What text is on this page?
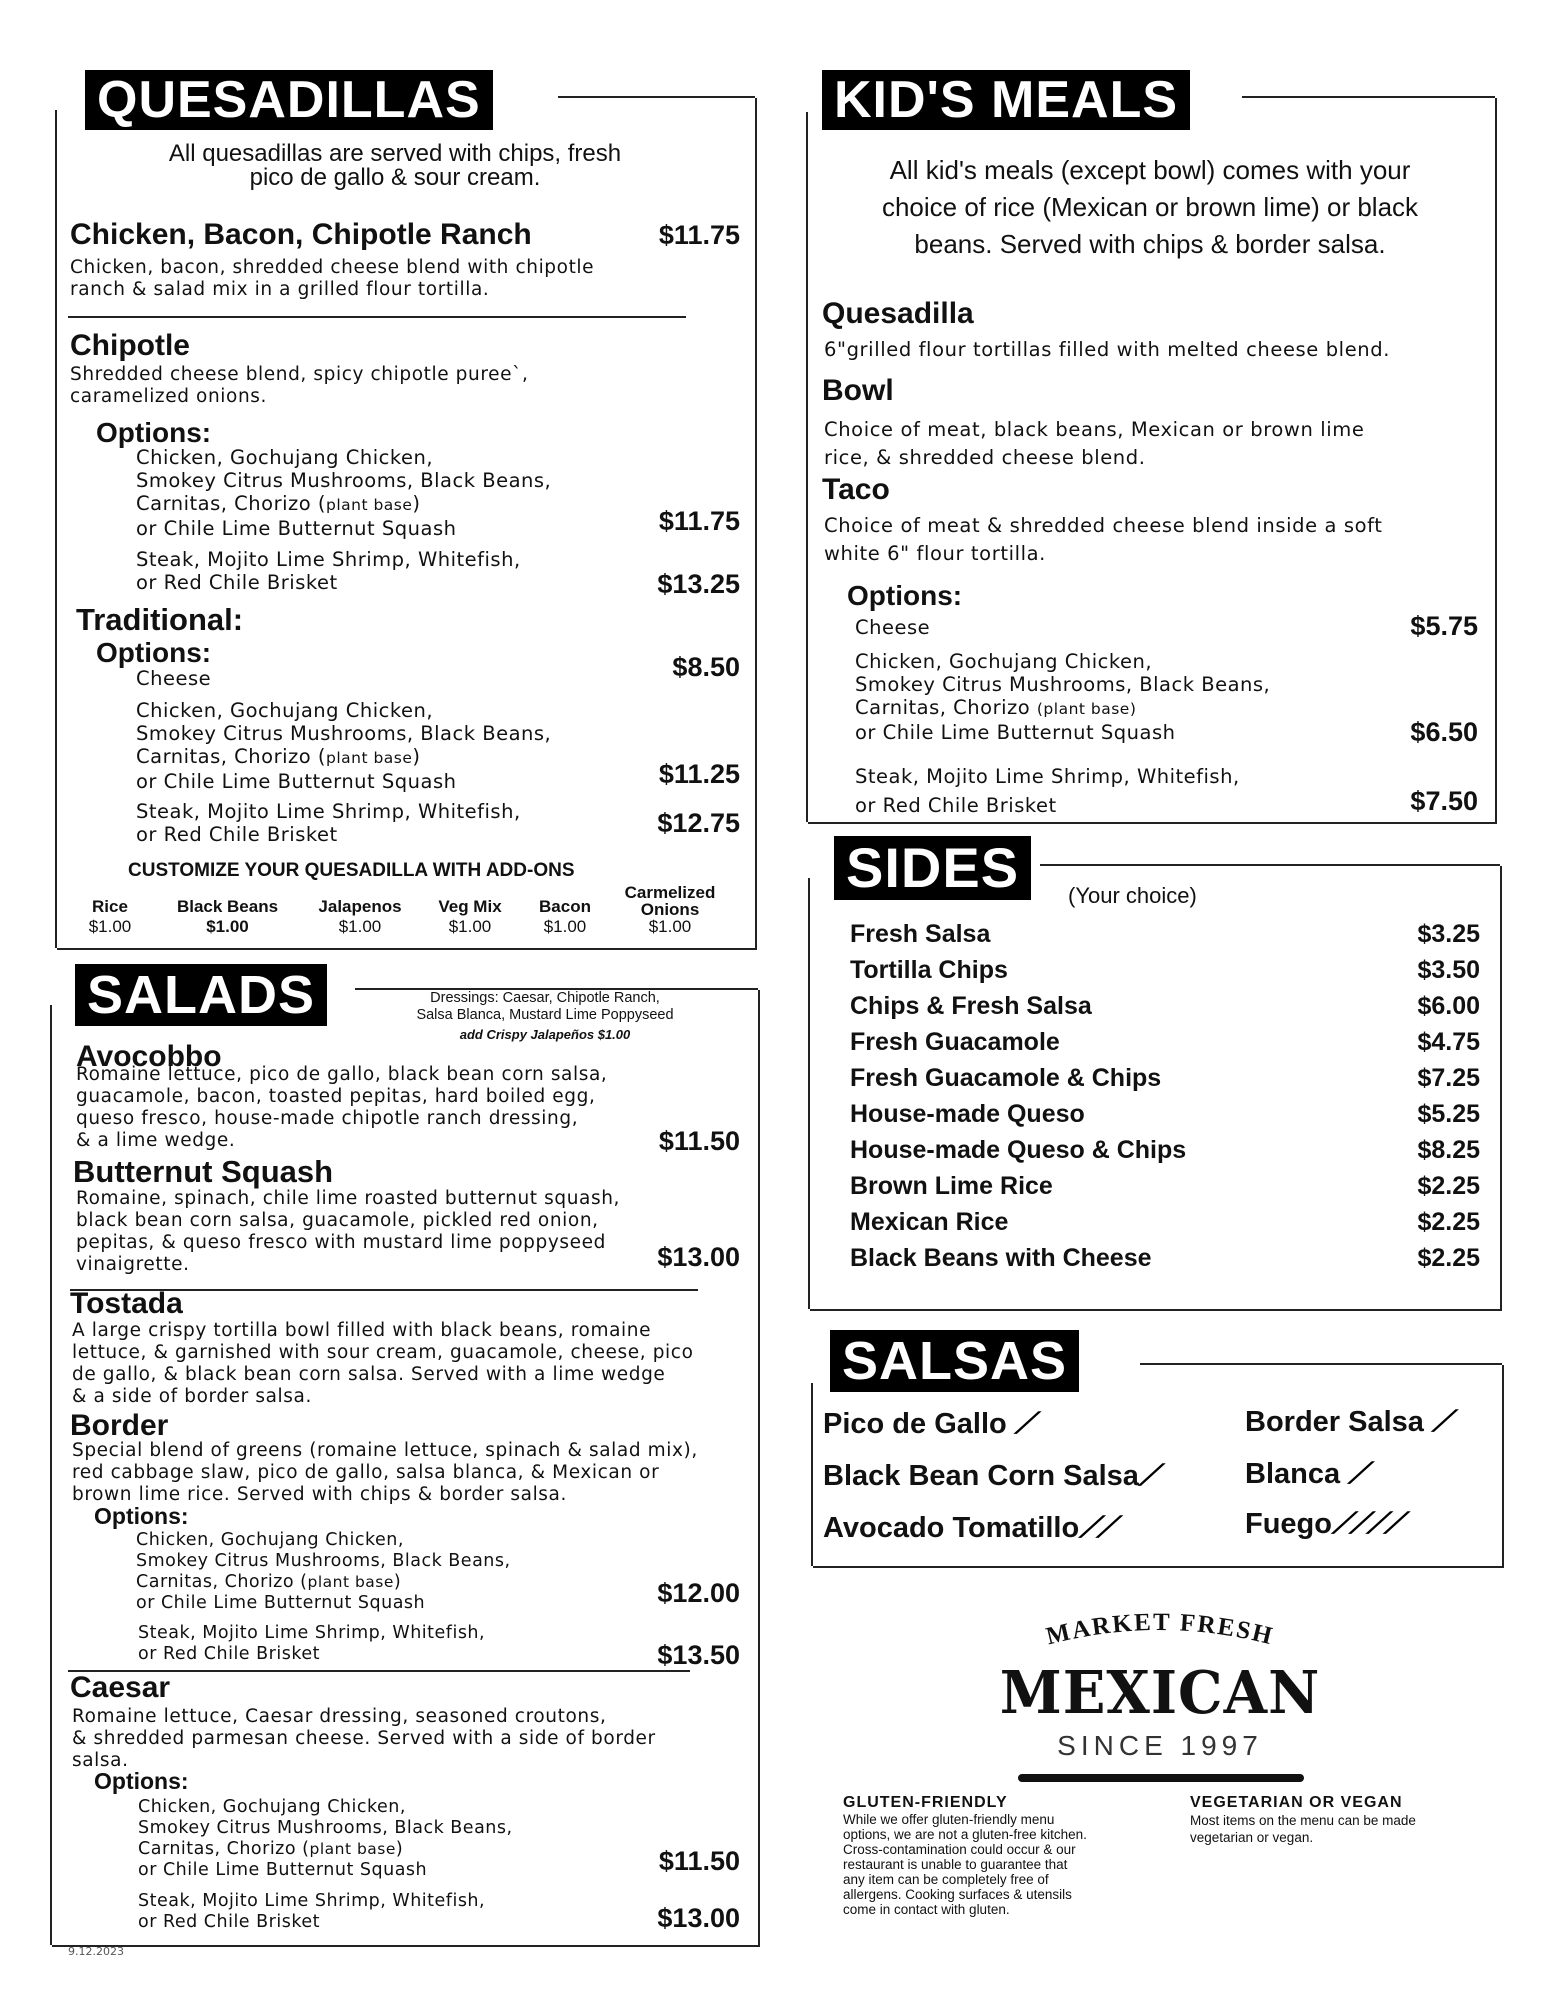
QUESADILLAS
All quesadillas are served with chips, fresh
pico de gallo & sour cream.
Chicken, Bacon, Chipotle Ranch	$11.75
Chicken, bacon, shredded cheese blend with chipotle
ranch & salad mix in a grilled flour tortilla.
Chipotle
Shredded cheese blend, spicy chipotle puree`,
caramelized onions.
Options:
Chicken, Gochujang Chicken,
Smokey Citrus Mushrooms, Black Beans,
Carnitas, Chorizo (plant base)
or Chile Lime Butternut Squash	$11.75
Steak, Mojito Lime Shrimp, Whitefish,
or Red Chile Brisket	$13.25
Traditional:
Options:
Cheese	$8.50
Chicken, Gochujang Chicken,
Smokey Citrus Mushrooms, Black Beans,
Carnitas, Chorizo (plant base)
or Chile Lime Butternut Squash	$11.25
Steak, Mojito Lime Shrimp, Whitefish,
or Red Chile Brisket	$12.75
CUSTOMIZE YOUR QUESADILLA WITH ADD-ONS
Rice
$1.00
Black Beans
$1.00
Jalapenos
$1.00
Veg Mix
$1.00
Bacon
$1.00
Carmelized
Onions
$1.00
SALADS	Dressings: Caesar, Chipotle Ranch,
Salsa Blanca, Mustard Lime Poppyseed
add Crispy Jalapeños $1.00
Avocobbo
Romaine lettuce, pico de gallo, black bean corn salsa,
guacamole, bacon, toasted pepitas, hard boiled egg,
queso fresco, house-made chipotle ranch dressing,
& a lime wedge.	$11.50
Butternut Squash
Romaine, spinach, chile lime roasted butternut squash,
black bean corn salsa, guacamole, pickled red onion,
pepitas, & queso fresco with mustard lime poppyseed
vinaigrette.	$13.00
Tostada
A large crispy tortilla bowl filled with black beans, romaine
lettuce, & garnished with sour cream, guacamole, cheese, pico
de gallo, & black bean corn salsa. Served with a lime wedge
& a side of border salsa.
Border
Special blend of greens (romaine lettuce, spinach & salad mix),
red cabbage slaw, pico de gallo, salsa blanca, & Mexican or
brown lime rice. Served with chips & border salsa.
Options:
Chicken, Gochujang Chicken,
Smokey Citrus Mushrooms, Black Beans,
Carnitas, Chorizo (plant base)
or Chile Lime Butternut Squash	$12.00
Steak, Mojito Lime Shrimp, Whitefish,
or Red Chile Brisket	$13.50
Caesar
Romaine lettuce, Caesar dressing, seasoned croutons,
& shredded parmesan cheese. Served with a side of border
salsa.
Options:
Chicken, Gochujang Chicken,
Smokey Citrus Mushrooms, Black Beans,
Carnitas, Chorizo (plant base)
or Chile Lime Butternut Squash	$11.50
Steak, Mojito Lime Shrimp, Whitefish,
or Red Chile Brisket	$13.00
9.12.2023
KID'S MEALS
All kid's meals (except bowl) comes with your
choice of rice (Mexican or brown lime) or black
beans. Served with chips & border salsa.
Quesadilla
6"grilled flour tortillas filled with melted cheese blend.
Bowl
Choice of meat, black beans, Mexican or brown lime
rice, & shredded cheese blend.
Taco
Choice of meat & shredded cheese blend inside a soft
white 6" flour tortilla.
Options:
Cheese	$5.75
Chicken, Gochujang Chicken,
Smokey Citrus Mushrooms, Black Beans,
Carnitas, Chorizo (plant base)
or Chile Lime Butternut Squash	$6.50
Steak, Mojito Lime Shrimp, Whitefish,
or Red Chile Brisket	$7.50
SIDES	(Your choice)
Fresh Salsa	$3.25
Tortilla Chips	$3.50
Chips & Fresh Salsa	$6.00
Fresh Guacamole	$4.75
Fresh Guacamole & Chips	$7.25
House-made Queso	$5.25
House-made Queso & Chips	$8.25
Brown Lime Rice	$2.25
Mexican Rice	$2.25
Black Beans with Cheese	$2.25
SALSAS
Pico de Gallo ⟋	Border Salsa ⟋
Black Bean Corn Salsa⟋	Blanca ⟋
Avocado Tomatillo⟋⟋	Fuego⟋⟋⟋⟋
MARKET FRESH
MEXICAN
SINCE 1997
GLUTEN-FRIENDLY
While we offer gluten-friendly menu
options, we are not a gluten-free kitchen.
Cross-contamination could occur & our
restaurant is unable to guarantee that
any item can be completely free of
allergens. Cooking surfaces & utensils
come in contact with gluten.
VEGETARIAN OR VEGAN
Most items on the menu can be made
vegetarian or vegan.
